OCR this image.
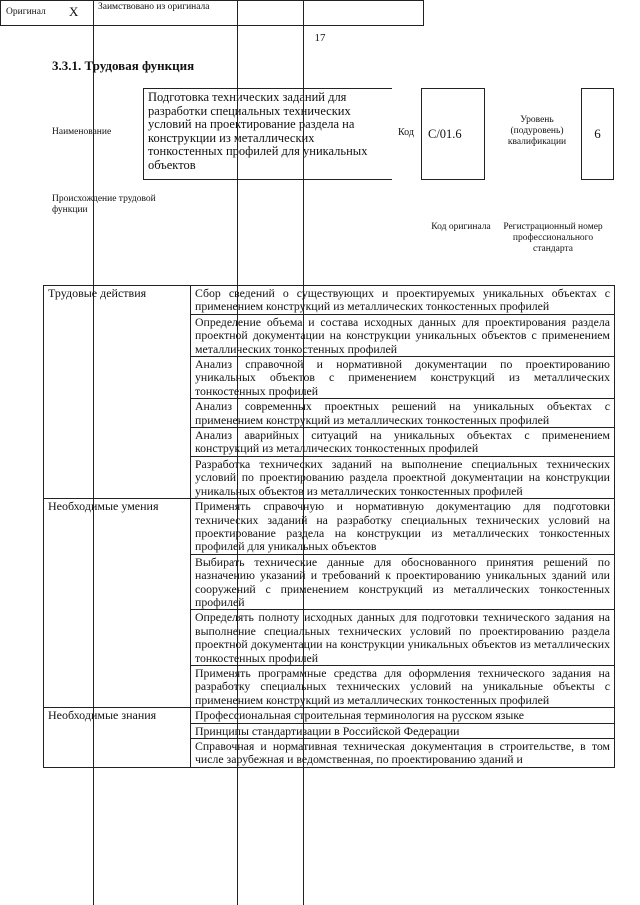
17
3.3.1. Трудовая функция
Наименование
Подготовка технических заданий для разработки специальных технических условий на проектирование раздела на конструкции из металлических тонкостенных профилей для уникальных объектов
Код	С/01.6
Уровень (подуровень) квалификации
6
Происхождение трудовой функции
Оригинал X Заимствовано из оригинала
Код оригинала	Регистрационный номер профессионального стандарта
Трудовые действия	Сбор сведений о существующих и проектируемых уникальных объектах с применением конструкций из металлических тонкостенных профилей
	Определение объема и состава исходных данных для проектирования раздела проектной документации на конструкции уникальных объектов с применением металлических тонкостенных профилей
	Анализ справочной и нормативной документации по проектированию уникальных объектов с применением конструкций из металлических тонкостенных профилей
	Анализ современных проектных решений на уникальных объектах с применением конструкций из металлических тонкостенных профилей
	Анализ аварийных ситуаций на уникальных объектах с применением конструкций из металлических тонкостенных профилей
	Разработка технических заданий на выполнение специальных технических условий по проектированию раздела проектной документации на конструкции уникальных объектов из металлических тонкостенных профилей
Необходимые умения	Применять справочную и нормативную документацию для подготовки технических заданий на разработку специальных технических условий на проектирование раздела на конструкции из металлических тонкостенных профилей для уникальных объектов
	Выбирать технические данные для обоснованного принятия решений по назначению указаний и требований к проектированию уникальных зданий или сооружений с применением конструкций из металлических тонкостенных профилей
	Определять полноту исходных данных для подготовки технического задания на выполнение специальных технических условий по проектированию раздела проектной документации на конструкции уникальных объектов из металлических тонкостенных профилей
	Применять программные средства для оформления технического задания на разработку специальных технических условий на уникальные объекты с применением конструкций из металлических тонкостенных профилей
Необходимые знания	Профессиональная строительная терминология на русском языке
	Принципы стандартизации в Российской Федерации
	Справочная и нормативная техническая документация в строительстве, в том числе зарубежная и ведомственная, по проектированию зданий и
